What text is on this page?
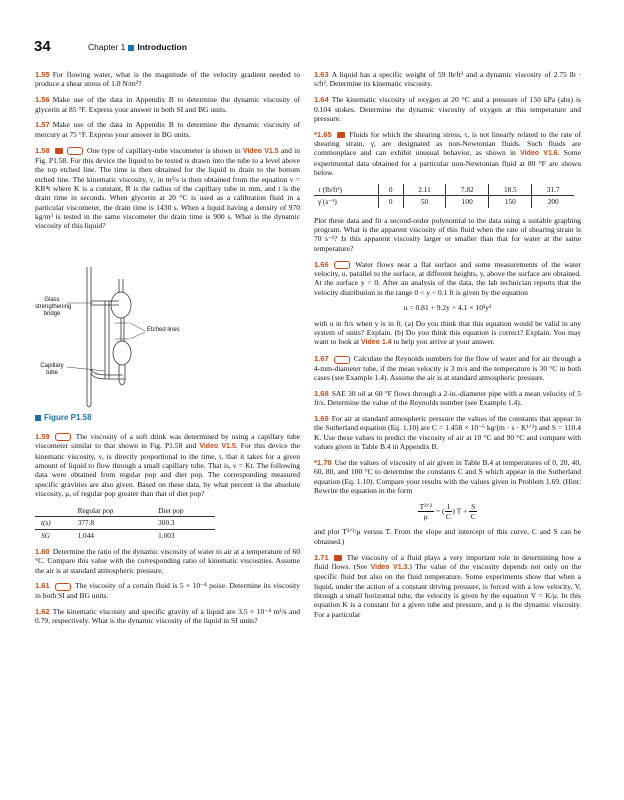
34	Chapter 1 Introduction

1.55 For flowing water, what is the magnitude of the velocity gradient needed to produce a shear stress of 1.0 N/m²?

1.56 Make use of the data in Appendix B to determine the dynamic viscosity of glycerin at 85 °F. Express your answer in both SI and BG units.

1.57 Make use of the data in Appendix B to determine the dynamic viscosity of mercury at 75 °F. Express your answer in BG units.

1.58	One type of capillary-tube viscometer is shown in Video V1.5 and in Fig. P1.58. For this device the liquid to be tested is drawn into the tube to a level above the top etched line. The time is then obtained for the liquid to drain to the bottom etched line. The kinematic viscosity, ν, in m²/s is then obtained from the equation ν = KR⁴t where K is a constant, R is the radius of the capillary tube in mm, and t is the drain time in seconds. When glycerin at 20 °C is used as a calibration fluid in a particular viscometer, the drain time is 1430 s. When a liquid having a density of 970 kg/m³ is tested in the same viscometer the drain time is 900 s. What is the dynamic viscosity of this liquid?

Glass
strengthening
bridge
Etched lines
Capillary
tube
Figure P1.58

1.59	The viscosity of a soft drink was determined by using a capillary tube viscometer similar to that shown in Fig. P1.58 and Video V1.5. For this device the kinematic viscosity, ν, is directly proportional to the time, t, that it takes for a given amount of liquid to flow through a small capillary tube. That is, ν = Kt. The following data were obtained from regular pop and diet pop. The corresponding measured specific gravities are also given. Based on these data, by what percent is the absolute viscosity, μ, of regular pop greater than that of diet pop?

	Regular pop	Diet pop
t(s)	377.8	300.3
SG	1.044	1.003

1.60 Determine the ratio of the dynamic viscosity of water to air at a temperature of 60 °C. Compare this value with the corresponding ratio of kinematic viscosities. Assume the air is at standard atmospheric pressure.

1.61	The viscosity of a certain fluid is 5 × 10⁻⁴ poise. Determine its viscosity in both SI and BG units.

1.62 The kinematic viscosity and specific gravity of a liquid are 3.5 × 10⁻⁴ m²/s and 0.79, respectively. What is the dynamic viscosity of the liquid in SI units?

1.63 A liquid has a specific weight of 59 lb/ft³ and a dynamic viscosity of 2.75 lb · s/ft². Determine its kinematic viscosity.

1.64 The kinematic viscosity of oxygen at 20 °C and a pressure of 150 kPa (abs) is 0.104 stokes. Determine the dynamic viscosity of oxygen at this temperature and pressure.

*1.65 Fluids for which the shearing stress, τ, is not linearly related to the rate of shearing strain, γ̇, are designated as non-Newtonian fluids. Such fluids are commonplace and can exhibit unusual behavior, as shown in Video V1.6. Some experimental data obtained for a particular non-Newtonian fluid at 80 °F are shown below.

τ (lb/ft²)	0	2.11	7.82	18.5	31.7
γ̇ (s⁻¹)	0	50	100	150	200

Plot these data and fit a second-order polynomial to the data using a suitable graphing program. What is the apparent viscosity of this fluid when the rate of shearing strain is 70 s⁻¹? Is this apparent viscosity larger or smaller than that for water at the same temperature?

1.66	Water flows near a flat surface and some measurements of the water velocity, u, parallel to the surface, at different heights, y, above the surface are obtained. At the surface y = 0. After an analysis of the data, the lab technician reports that the velocity distribution in the range 0 < y < 0.1 ft is given by the equation

u = 0.81 + 9.2y + 4.1 × 10³y³

with u in ft/s when y is in ft. (a) Do you think that this equation would be valid in any system of units? Explain. (b) Do you think this equation is correct? Explain. You may want to look at Video 1.4 to help you arrive at your answer.

1.67	Calculate the Reynolds numbers for the flow of water and for air through a 4-mm-diameter tube, if the mean velocity is 3 m/s and the temperature is 30 °C in both cases (see Example 1.4). Assume the air is at standard atmospheric pressure.

1.68 SAE 30 oil at 60 °F flows through a 2-in.-diameter pipe with a mean velocity of 5 ft/s. Determine the value of the Reynolds number (see Example 1.4).

1.69 For air at standard atmospheric pressure the values of the constants that appear in the Sutherland equation (Eq. 1.10) are C = 1.458 × 10⁻⁶ kg/(m · s · K¹ᐟ²) and S = 110.4 K. Use these values to predict the viscosity of air at 10 °C and 90 °C and compare with values given in Table B.4 in Appendix B.

*1.70 Use the values of viscosity of air given in Table B.4 at temperatures of 0, 20, 40, 60, 80, and 100 °C to determine the constants C and S which appear in the Sutherland equation (Eq. 1.10). Compare your results with the values given in Problem 1.69. (Hint: Rewrite the equation in the form

$\frac{\text{T³ᐟ²}}{\mu}$ = ( $\frac{1}{C}$ ) $T + \frac{S}{C}$

and plot T³ᐟ²/μ versus T. From the slope and intercept of this curve, C and S can be obtained.)

1.71 The viscosity of a fluid plays a very important role in determining how a fluid flows. (See Video V1.3.) The value of the viscosity depends not only on the specific fluid but also on the fluid temperature. Some experiments show that when a liquid, under the action of a constant driving pressure, is forced with a low velocity, V, through a small horizontal tube, the velocity is given by the equation V = K/μ. In this equation K is a constant for a given tube and pressure, and μ is the dynamic viscosity. For a particular
